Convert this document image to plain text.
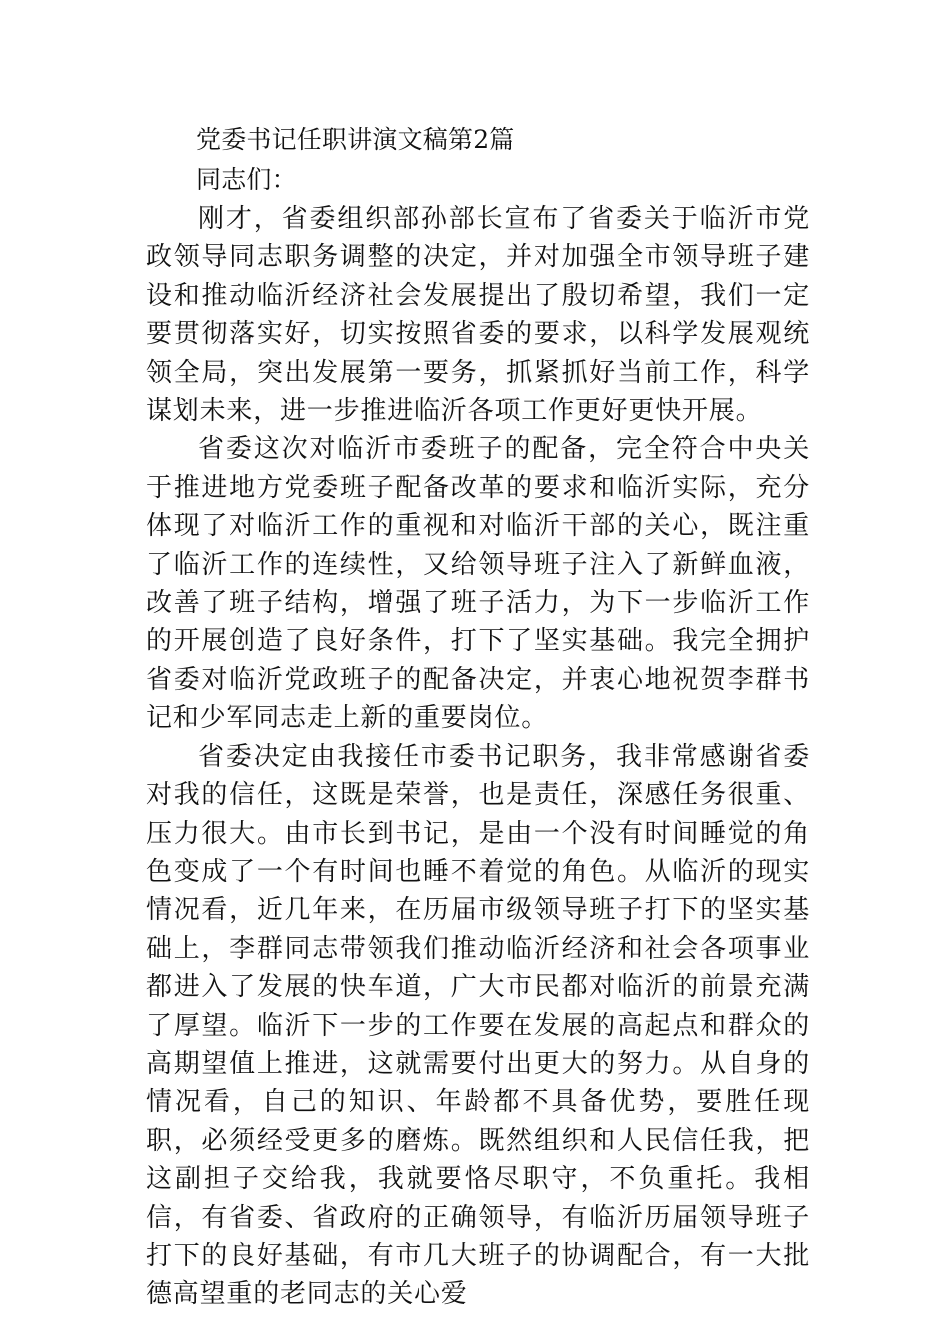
党委书记任职讲演文稿第2篇

同志们：

刚才，省委组织部孙部长宣布了省委关于临沂市党政领导同志职务调整的决定，并对加强全市领导班子建设和推动临沂经济社会发展提出了殷切希望，我们一定要贯彻落实好，切实按照省委的要求，以科学发展观统领全局，突出发展第一要务，抓紧抓好当前工作，科学谋划未来，进一步推进临沂各项工作更好更快开展。

省委这次对临沂市委班子的配备，完全符合中央关于推进地方党委班子配备改革的要求和临沂实际，充分体现了对临沂工作的重视和对临沂干部的关心，既注重了临沂工作的连续性，又给领导班子注入了新鲜血液，改善了班子结构，增强了班子活力，为下一步临沂工作的开展创造了良好条件，打下了坚实基础。我完全拥护省委对临沂党政班子的配备决定，并衷心地祝贺李群书记和少军同志走上新的重要岗位。

省委决定由我接任市委书记职务，我非常感谢省委对我的信任，这既是荣誉，也是责任，深感任务很重、压力很大。由市长到书记，是由一个没有时间睡觉的角色变成了一个有时间也睡不着觉的角色。从临沂的现实情况看，近几年来，在历届市级领导班子打下的坚实基础上，李群同志带领我们推动临沂经济和社会各项事业都进入了发展的快车道，广大市民都对临沂的前景充满了厚望。临沂下一步的工作要在发展的高起点和群众的高期望值上推进，这就需要付出更大的努力。从自身的情况看，自己的知识、年龄都不具备优势，要胜任现职，必须经受更多的磨炼。既然组织和人民信任我，把这副担子交给我，我就要恪尽职守，不负重托。我相信，有省委、省政府的正确领导，有临沂历届领导班子打下的良好基础，有市几大班子的协调配合，有一大批德高望重的老同志的关心爱
